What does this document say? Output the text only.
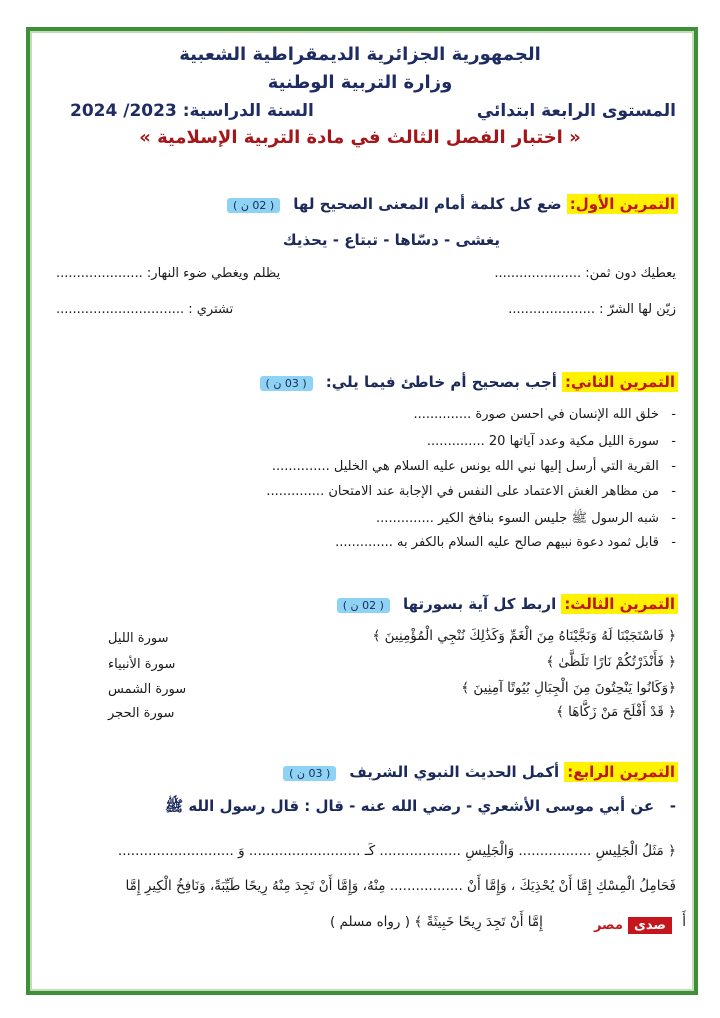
الجمهورية الجزائرية الديمقراطية الشعبية
وزارة التربية الوطنية
المستوى الرابعة ابتدائي
السنة الدراسية: 2023/ 2024
« اختبار الفصل الثالث في مادة التربية الإسلامية »
التمرين الأول: ضع كل كلمة أمام المعنى الصحيح لها ( 02 ن )
يغشى - دسّاها - تبتاع - يحذيك
يعطيك دون ثمن: .....................
يظلم ويغطي ضوء النهار: .....................
زيّن لها الشرّ : .....................
تشتري : ...............................
التمرين الثاني: أجب بصحيح أم خاطئ فيما يلي: ( 03 ن )
-   خلق الله الإنسان في احسن صورة ..............
-   سورة الليل مكية وعدد آياتها 20 ..............
-   القرية التي أرسل إليها نبي الله يونس عليه السلام هي الخليل ..............
-   من مظاهر الغش الاعتماد على النفس في الإجابة عند الامتحان ..............
-   شبه الرسول ﷺ جليس السوء بنافخ الكير ..............
-   قابل ثمود دعوة نبيهم صالح عليه السلام بالكفر به ..............
التمرين الثالث: اربط كل آية بسورتها ( 02 ن )
﴿ فَاسْتَجَبْنَا لَهُ وَنَجَّيْنَاهُ مِنَ الْغَمِّ وَكَذَٰلِكَ نُنْجِي الْمُؤْمِنِينَ ﴾
﴿ فَأَنْذَرْتُكُمْ نَارًا تَلَظَّىٰ ﴾
﴿وَكَانُوا يَنْحِتُونَ مِنَ الْجِبَالِ بُيُوتًا آمِنِينَ ﴾
﴿ قَدْ أَفْلَحَ مَنْ زَكَّاهَا ﴾
سورة الليل
سورة الأنبياء
سورة الشمس
سورة الحجر
التمرين الرابع: أكمل الحديث النبوي الشريف ( 03 ن )
-   عن أبي موسى الأشعري - رضي الله عنه - قال : قال رسول الله ﷺ
﴿ مَثَلُ الْجَلِيسِ ................. وَالْجَلِيسِ ................... كَـ .......................... وَ ...........................
فَحَامِلُ الْمِسْكِ إِمَّا أَنْ يُحْذِيَكَ ، وَإِمَّا أَنْ ................. مِنْهُ، وَإِمَّا أَنْ تَجِدَ مِنْهُ رِيحًا طَيِّبَةً، وَنَافِخُ الْكِيرِ إِمَّا
أَ
إِمَّا أَنْ تَجِدَ رِيحًا خَبِيثَةً ﴾ ( رواه مسلم )	صدى مصر
